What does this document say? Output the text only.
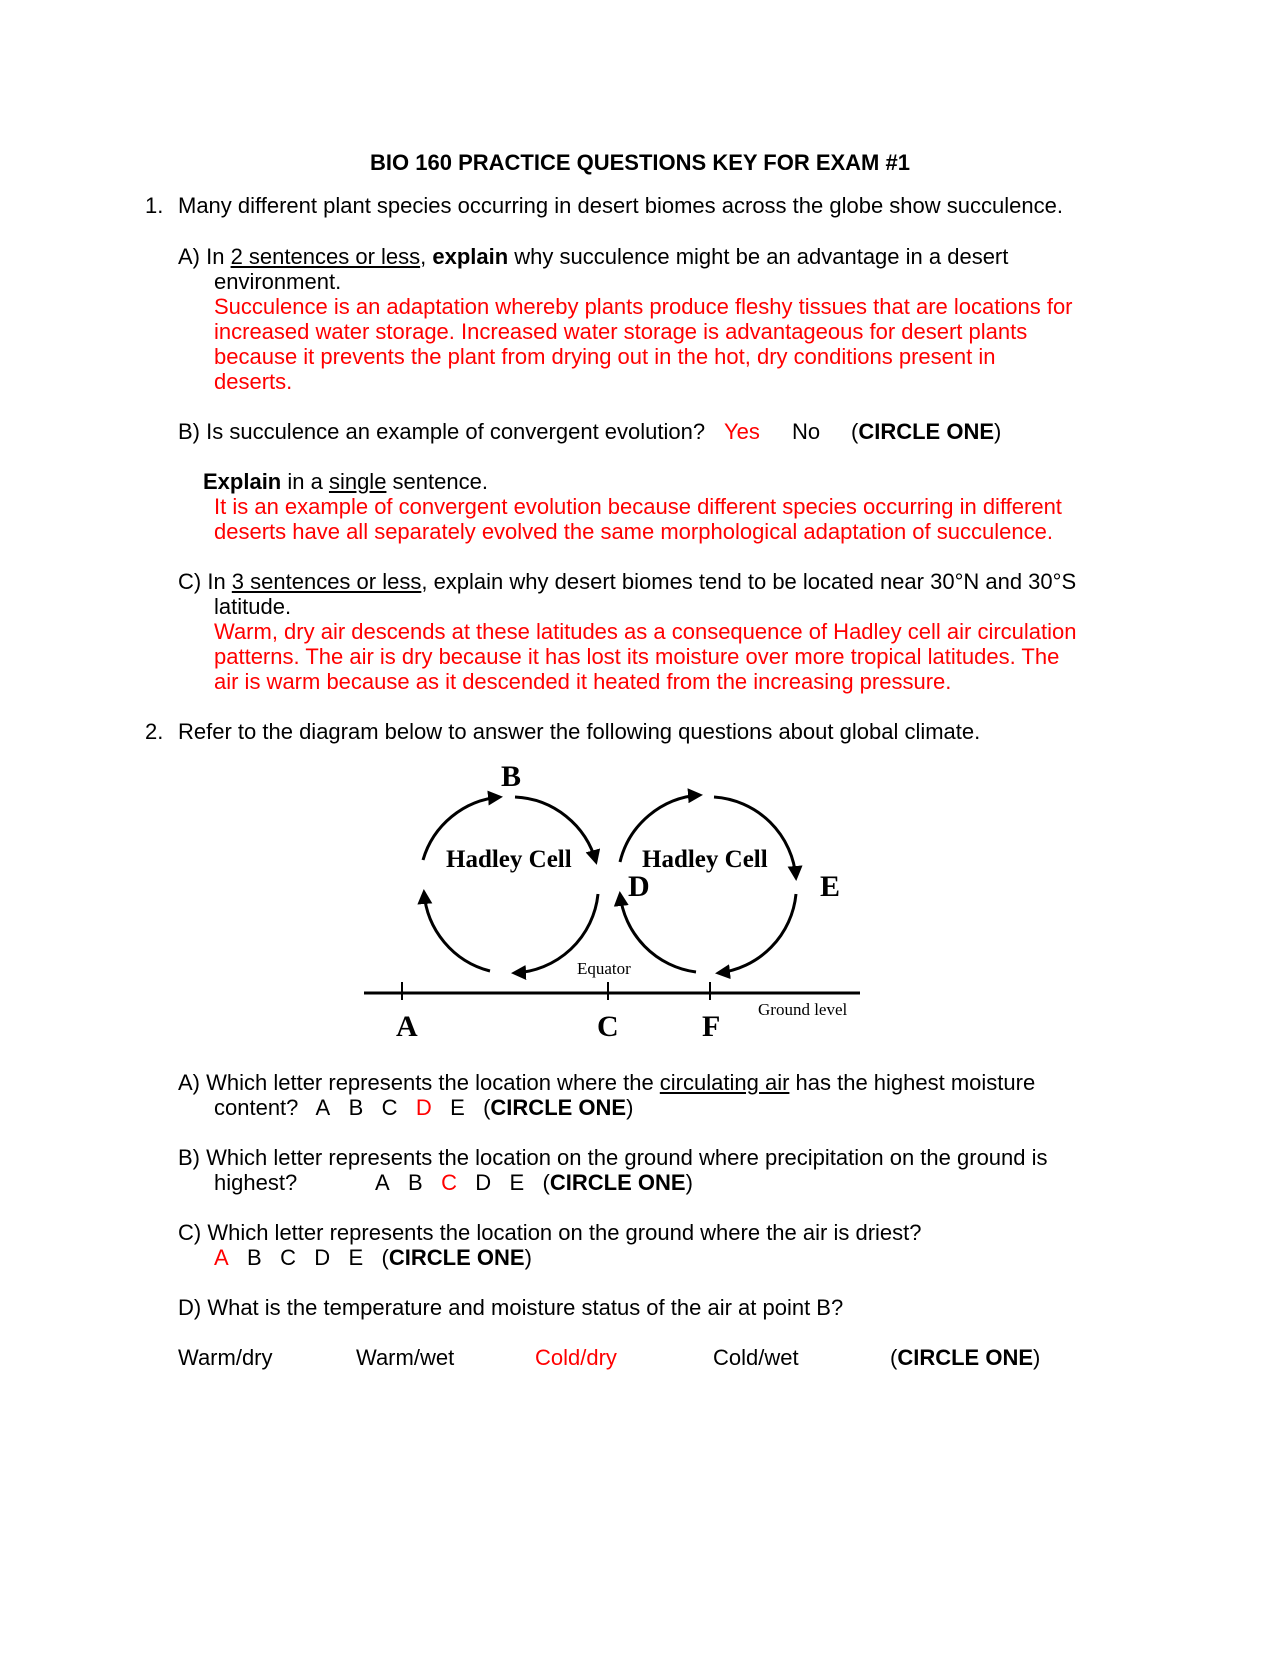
BIO 160 PRACTICE QUESTIONS KEY FOR EXAM #1
1. Many different plant species occurring in desert biomes across the globe show succulence.
A) In 2 sentences or less, explain why succulence might be an advantage in a desert
environment.
Succulence is an adaptation whereby plants produce fleshy tissues that are locations for
increased water storage. Increased water storage is advantageous for desert plants
because it prevents the plant from drying out in the hot, dry conditions present in
deserts.
B) Is succulence an example of convergent evolution? Yes No (CIRCLE ONE)
Explain in a single sentence.
It is an example of convergent evolution because different species occurring in different
deserts have all separately evolved the same morphological adaptation of succulence.
C) In 3 sentences or less, explain why desert biomes tend to be located near 30°N and 30°S
latitude.
Warm, dry air descends at these latitudes as a consequence of Hadley cell air circulation
patterns. The air is dry because it has lost its moisture over more tropical latitudes. The
air is warm because as it descended it heated from the increasing pressure.
2. Refer to the diagram below to answer the following questions about global climate.
B
Hadley Cell	Hadley Cell
D	E
Equator
Ground level
A	C	F
A) Which letter represents the location where the circulating air has the highest moisture
content? A B C D E   (CIRCLE ONE)
B) Which letter represents the location on the ground where precipitation on the ground is
highest?	A B C D E   (CIRCLE ONE)
C) Which letter represents the location on the ground where the air is driest?
A B C D E   (CIRCLE ONE)
D) What is the temperature and moisture status of the air at point B?
Warm/dry	Warm/wet	Cold/dry	Cold/wet	(CIRCLE ONE)
